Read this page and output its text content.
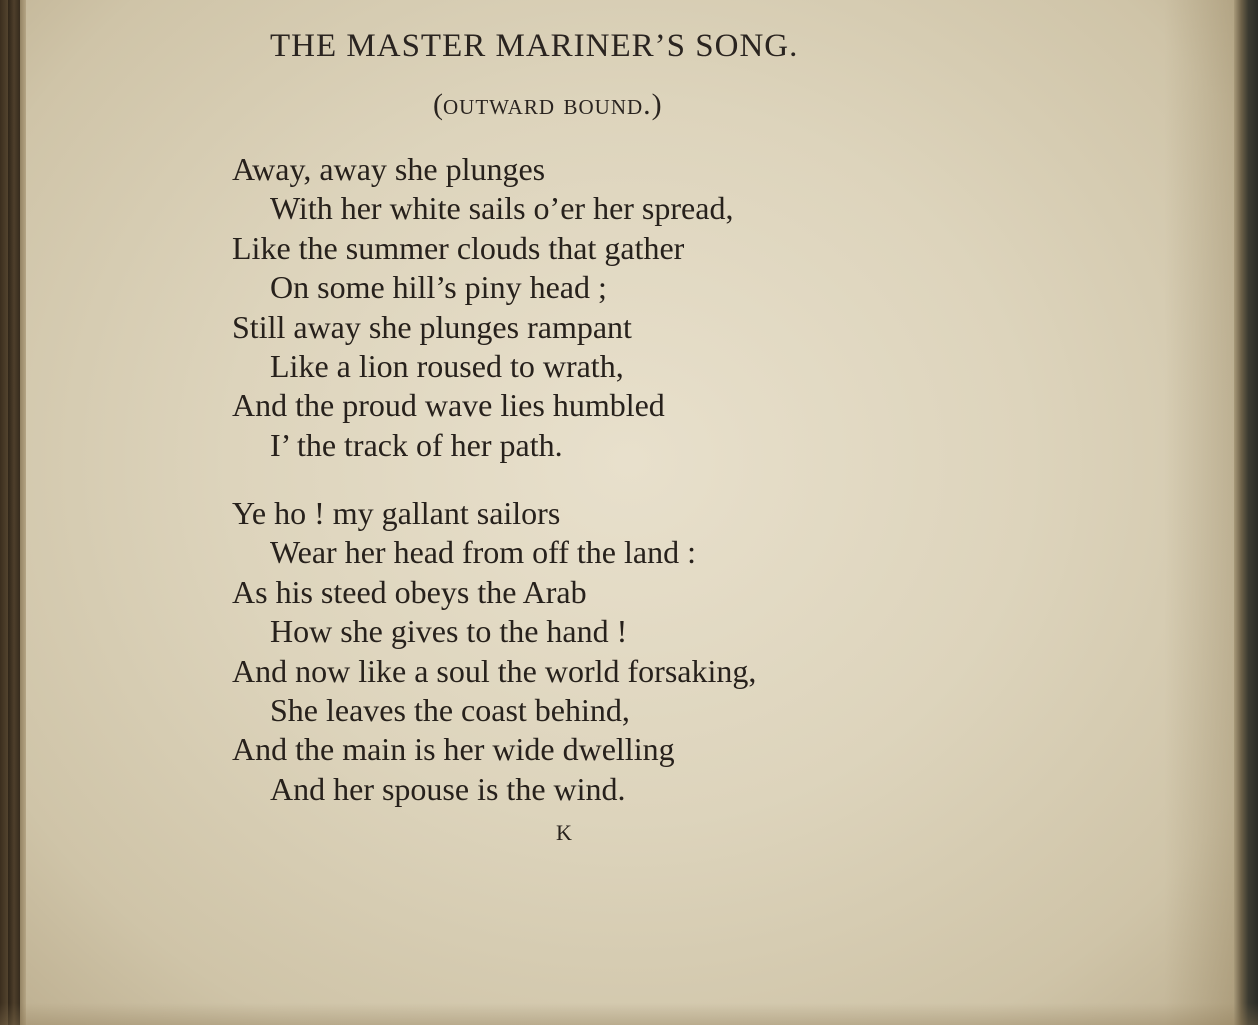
THE MASTER MARINER’S SONG.
(outward bound.)
Away, away she plunges
With her white sails o’er her spread,
Like the summer clouds that gather
On some hill’s piny head ;
Still away she plunges rampant
Like a lion roused to wrath,
And the proud wave lies humbled
I’ the track of her path.
Ye ho ! my gallant sailors
Wear her head from off the land :
As his steed obeys the Arab
How she gives to the hand !
And now like a soul the world forsaking,
She leaves the coast behind,
And the main is her wide dwelling
And her spouse is the wind.
K
